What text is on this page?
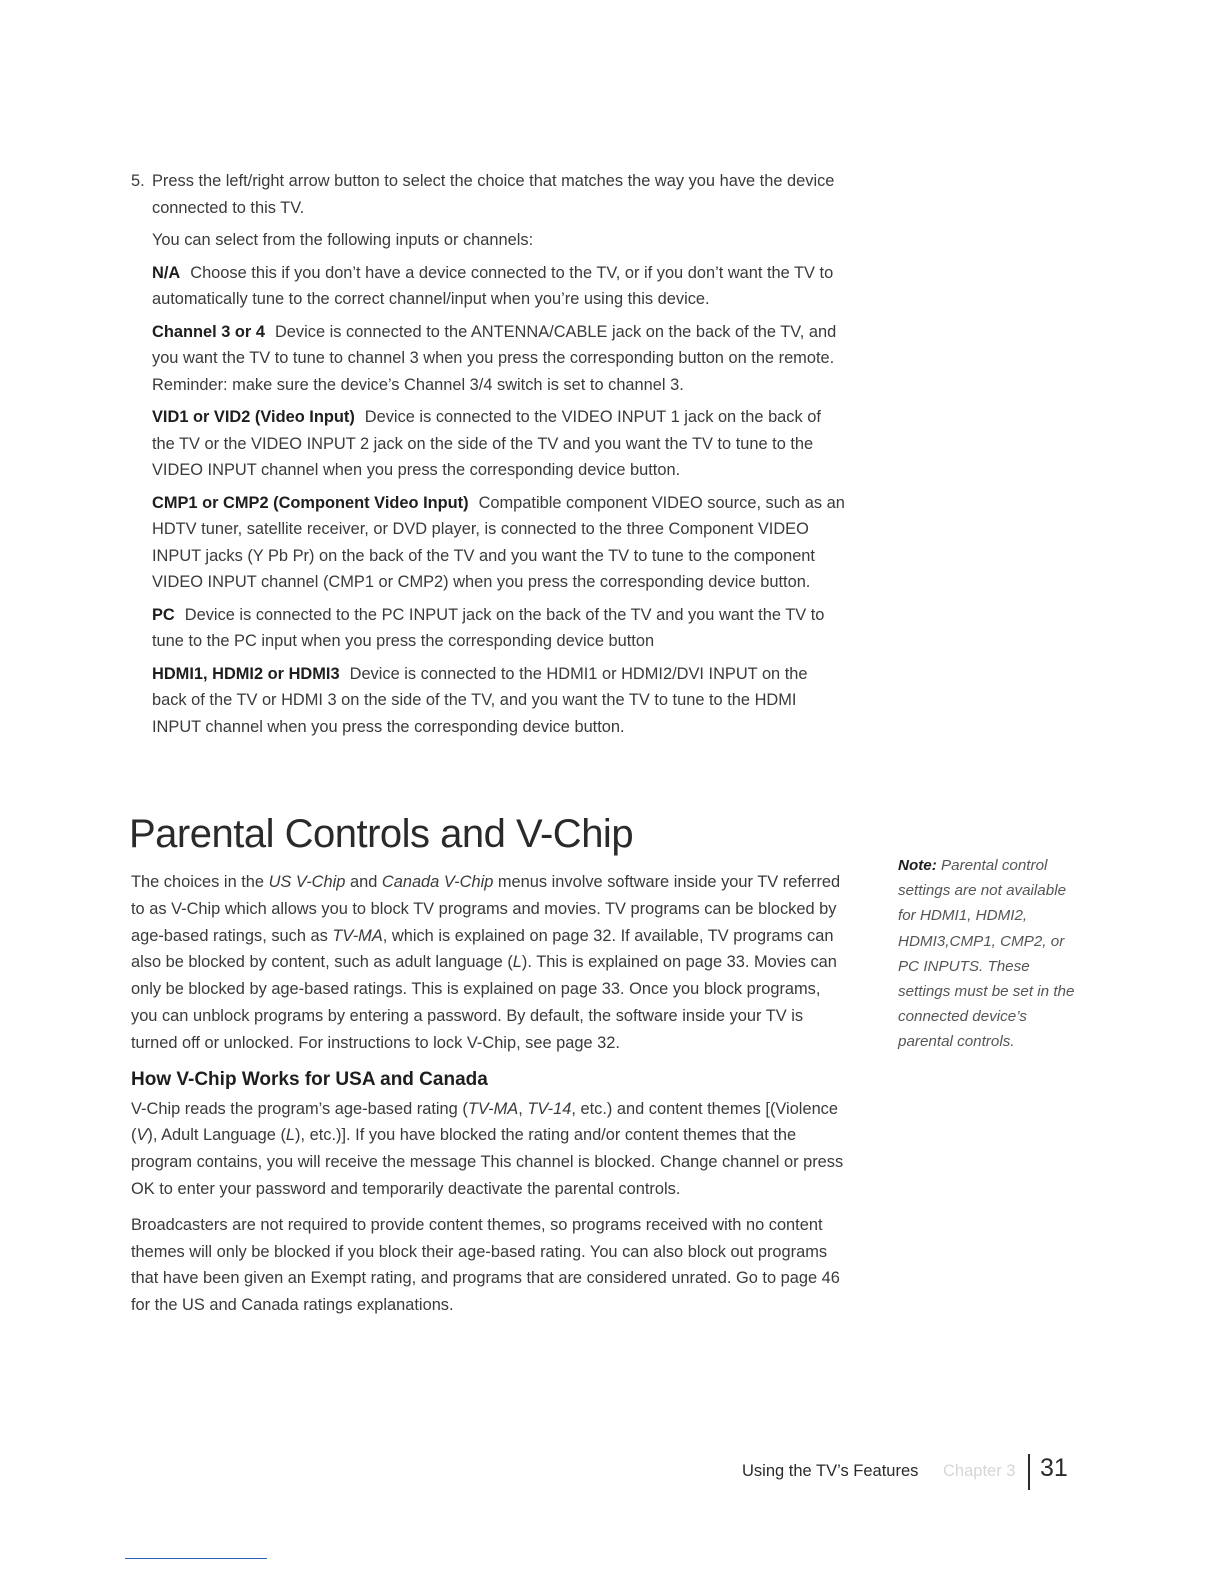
5. Press the left/right arrow button to select the choice that matches the way you have the device connected to this TV.

You can select from the following inputs or channels:

N/A Choose this if you don’t have a device connected to the TV, or if you don’t want the TV to automatically tune to the correct channel/input when you’re using this device.

Channel 3 or 4 Device is connected to the ANTENNA/CABLE jack on the back of the TV, and you want the TV to tune to channel 3 when you press the corresponding button on the remote. Reminder: make sure the device’s Channel 3/4 switch is set to channel 3.

VID1 or VID2 (Video Input) Device is connected to the VIDEO INPUT 1 jack on the back of the TV or the VIDEO INPUT 2 jack on the side of the TV and you want the TV to tune to the VIDEO INPUT channel when you press the corresponding device button.

CMP1 or CMP2 (Component Video Input) Compatible component VIDEO source, such as an HDTV tuner, satellite receiver, or DVD player, is connected to the three Component VIDEO INPUT jacks (Y Pb Pr) on the back of the TV and you want the TV to tune to the component VIDEO INPUT channel (CMP1 or CMP2) when you press the corresponding device button.

PC Device is connected to the PC INPUT jack on the back of the TV and you want the TV to tune to the PC input when you press the corresponding device button

HDMI1, HDMI2 or HDMI3 Device is connected to the HDMI1 or HDMI2/DVI INPUT on the back of the TV or HDMI 3 on the side of the TV, and you want the TV to tune to the HDMI INPUT channel when you press the corresponding device button.

Parental Controls and V-Chip

The choices in the US V-Chip and Canada V-Chip menus involve software inside your TV referred to as V-Chip which allows you to block TV programs and movies. TV programs can be blocked by age-based ratings, such as TV-MA, which is explained on page 32. If available, TV programs can also be blocked by content, such as adult language (L). This is explained on page 33. Movies can only be blocked by age-based ratings. This is explained on page 33. Once you block programs, you can unblock programs by entering a password. By default, the software inside your TV is turned off or unlocked. For instructions to lock V-Chip, see page 32.

How V-Chip Works for USA and Canada

V-Chip reads the program’s age-based rating (TV-MA, TV-14, etc.) and content themes [(Violence (V), Adult Language (L), etc.)]. If you have blocked the rating and/or content themes that the program contains, you will receive the message This channel is blocked. Change channel or press OK to enter your password and temporarily deactivate the parental controls.

Broadcasters are not required to provide content themes, so programs received with no content themes will only be blocked if you block their age-based rating. You can also block out programs that have been given an Exempt rating, and programs that are considered unrated. Go to page 46 for the US and Canada ratings explanations.

Note: Parental control settings are not available for HDMI1, HDMI2, HDMI3,CMP1, CMP2, or PC INPUTS. These settings must be set in the connected device’s parental controls.
Using the TV’s Features Chapter 3 31
